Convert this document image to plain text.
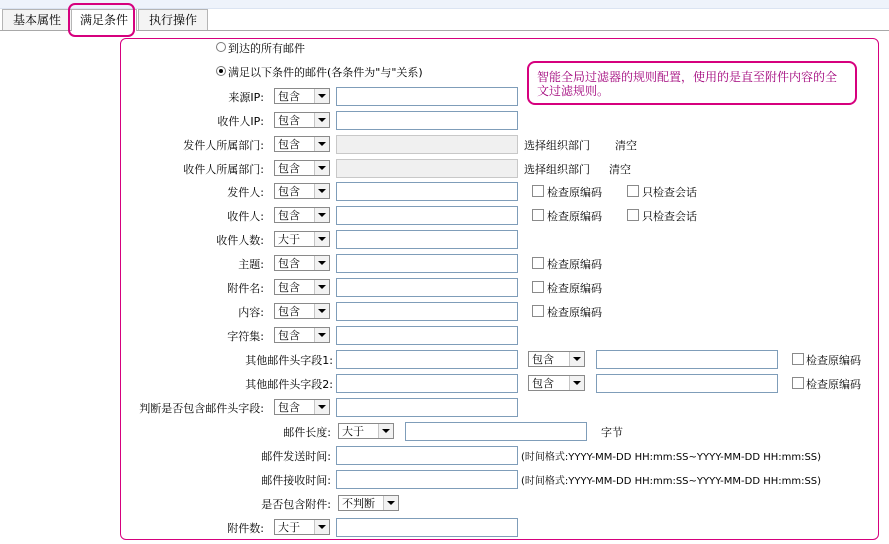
基本属性	满足条件	执行操作
到达的所有邮件
满足以下条件的邮件(各条件为"与"关系)	智能全局过滤器的规则配置，使用的是直至附件内容的全文过滤规则。
来源IP: 包含
收件人IP: 包含
发件人所属部门: 包含	选择组织部门 清空
收件人所属部门: 包含	选择组织部门 清空
发件人: 包含	检查原编码	只检查会话
收件人: 包含	检查原编码	只检查会话
收件人数: 大于
主题: 包含	检查原编码
附件名: 包含	检查原编码
内容: 包含	检查原编码
字符集: 包含
其他邮件头字段1:	包含	检查原编码
其他邮件头字段2:	包含	检查原编码
判断是否包含邮件头字段: 包含
邮件长度: 大于	字节
邮件发送时间:	(时间格式:YYYY-MM-DD HH:mm:SS~YYYY-MM-DD HH:mm:SS)
邮件接收时间:	(时间格式:YYYY-MM-DD HH:mm:SS~YYYY-MM-DD HH:mm:SS)
是否包含附件: 不判断
附件数: 大于
